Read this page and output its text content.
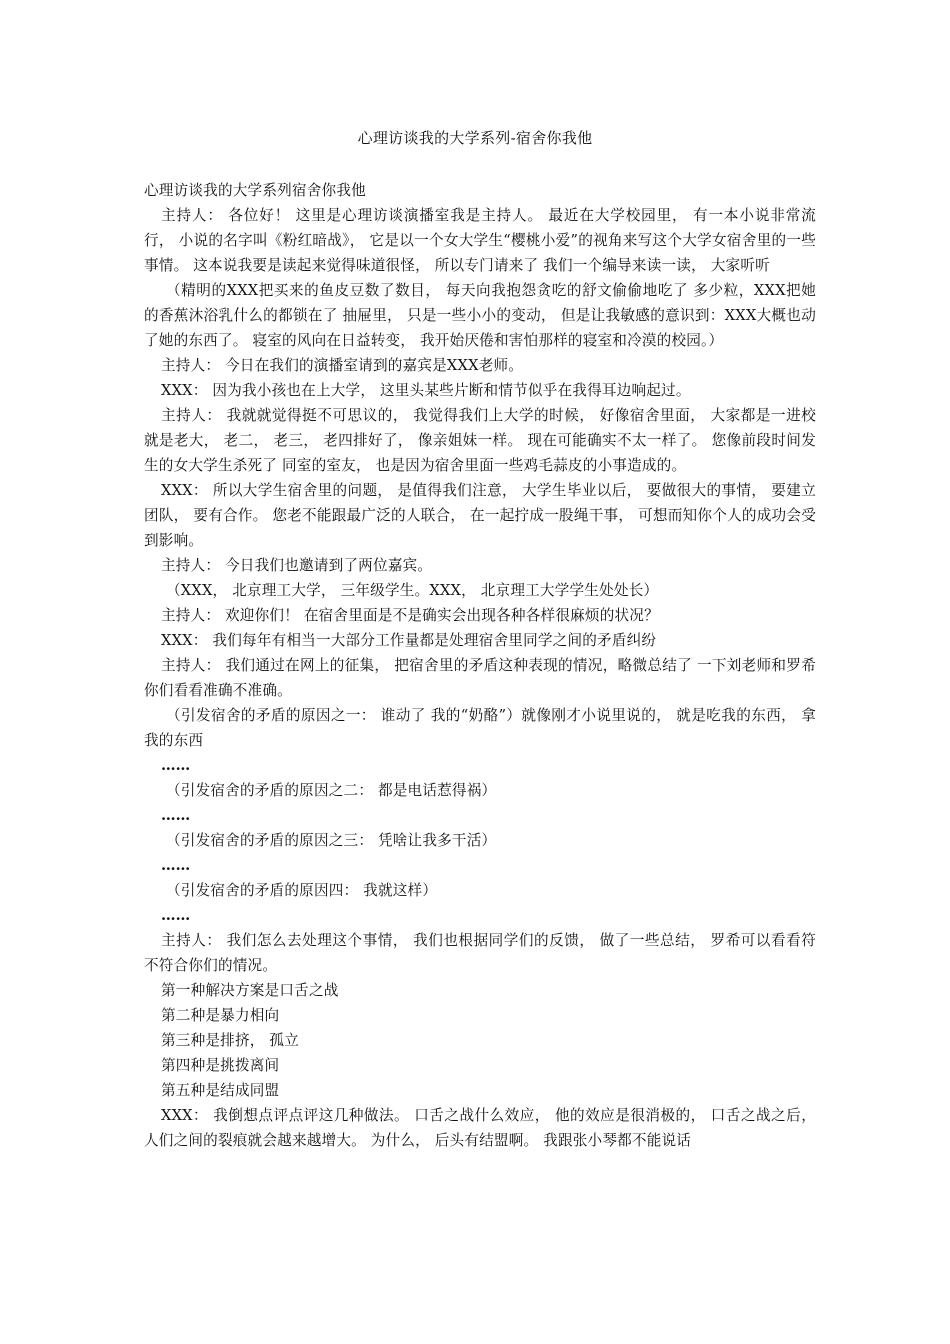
心理访谈我的大学系列-宿舍你我他

心理访谈我的大学系列宿舍你我他

主持人： 各位好！ 这里是心理访谈演播室我是主持人。 最近在大学校园里， 有一本小说非常流行， 小说的名字叫《粉红暗战》， 它是以一个女大学生“樱桃小爱”的视角来写这个大学女宿舍里的一些事情。 这本说我要是读起来觉得味道很怪， 所以专门请来了 我们一个编导来读一读， 大家听听

（精明的XXX把买来的鱼皮豆数了数目， 每天向我抱怨贪吃的舒文偷偷地吃了 多少粒，XXX把她的香蕉沐浴乳什么的都锁在了 抽屉里， 只是一些小小的变动， 但是让我敏感的意识到：XXX大概也动了她的东西了。 寝室的风向在日益转变， 我开始厌倦和害怕那样的寝室和冷漠的校园。）

主持人： 今日在我们的演播室请到的嘉宾是XXX老师。

XXX： 因为我小孩也在上大学， 这里头某些片断和情节似乎在我得耳边响起过。

主持人： 我就就觉得挺不可思议的， 我觉得我们上大学的时候， 好像宿舍里面， 大家都是一进校就是老大， 老二， 老三， 老四排好了， 像亲姐妹一样。 现在可能确实不太一样了。 您像前段时间发生的女大学生杀死了 同室的室友， 也是因为宿舍里面一些鸡毛蒜皮的小事造成的。

XXX： 所以大学生宿舍里的问题， 是值得我们注意， 大学生毕业以后， 要做很大的事情， 要建立团队， 要有合作。 您老不能跟最广泛的人联合， 在一起拧成一股绳干事， 可想而知你个人的成功会受到影响。

主持人： 今日我们也邀请到了两位嘉宾。

（XXX， 北京理工大学， 三年级学生。XXX， 北京理工大学学生处处长）

主持人： 欢迎你们！ 在宿舍里面是不是确实会出现各种各样很麻烦的状况？

XXX： 我们每年有相当一大部分工作量都是处理宿舍里同学之间的矛盾纠纷

主持人： 我们通过在网上的征集， 把宿舍里的矛盾这种表现的情况，略微总结了 一下刘老师和罗希你们看看准确不准确。

（引发宿舍的矛盾的原因之一： 谁动了 我的“奶酪”）就像刚才小说里说的， 就是吃我的东西， 拿我的东西

……

（引发宿舍的矛盾的原因之二： 都是电话惹得祸）

……

（引发宿舍的矛盾的原因之三： 凭啥让我多干活）

……

（引发宿舍的矛盾的原因四： 我就这样）

……

主持人： 我们怎么去处理这个事情， 我们也根据同学们的反馈， 做了一些总结， 罗希可以看看符不符合你们的情况。

第一种解决方案是口舌之战

第二种是暴力相向

第三种是排挤， 孤立

第四种是挑拨离间

第五种是结成同盟

XXX： 我倒想点评点评这几种做法。 口舌之战什么效应， 他的效应是很消极的， 口舌之战之后， 人们之间的裂痕就会越来越增大。 为什么， 后头有结盟啊。 我跟张小琴都不能说话
